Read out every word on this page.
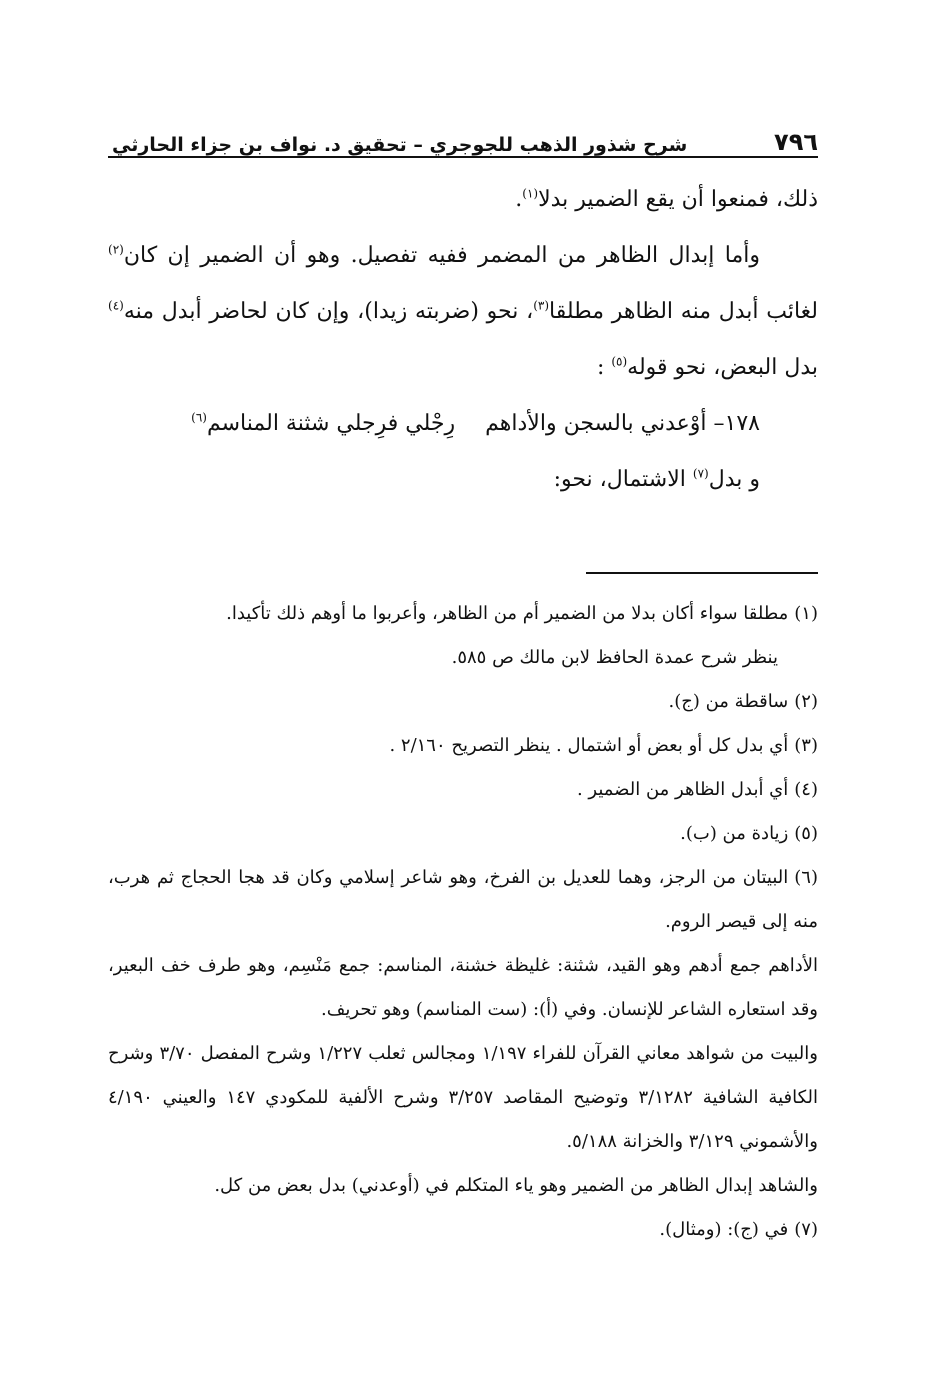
٧٩٦
شرح شذور الذهب للجوجري – تحقيق د. نواف بن جزاء الحارثي

ذلك، فمنعوا أن يقع الضمير بدلا$^{(١)}$.

وأما إبدال الظاهر من المضمر ففيه تفصيل. وهو أن الضمير إن كان$^{(٢)}$ لغائب أبدل منه الظاهر مطلقا$^{(٣)}$، نحو (ضربته زيدا)، وإن كان لحاضر أبدل منه$^{(٤)}$ بدل البعض، نحو قوله$^{(٥)}$ :

١٧٨– أوْعدني بالسجن والأداهمرِجْلي فرِجلي شثنة المناسم$^{(٦)}$

و بدل$^{(٧)}$ الاشتمال، نحو:

(١)مطلقا سواء أكان بدلا من الضمير أم من الظاهر، وأعربوا ما أوهم ذلك تأكيدا.

ينظر شرح عمدة الحافظ لابن مالك ص ٥٨٥.

(٢)ساقطة من (ج).

(٣)أي بدل كل أو بعض أو اشتمال . ينظر التصريح ٢/١٦٠ .

(٤)أي أبدل الظاهر من الضمير .

(٥)زيادة من (ب).

(٦)البيتان من الرجز، وهما للعديل بن الفرخ، وهو شاعر إسلامي وكان قد هجا الحجاج ثم هرب، منه إلى قيصر الروم.

الأداهم جمع أدهم وهو القيد، شثنة: غليظة خشنة، المناسم: جمع مَنْسِم، وهو طرف خف البعير، وقد استعاره الشاعر للإنسان. وفي (أ): (ست المناسم) وهو تحريف.

والبيت من شواهد معاني القرآن للفراء ١/١٩٧ ومجالس ثعلب ١/٢٢٧ وشرح المفصل ٣/٧٠ وشرح الكافية الشافية ٣/١٢٨٢ وتوضيح المقاصد ٣/٢٥٧ وشرح الألفية للمكودي ١٤٧ والعيني ٤/١٩٠ والأشموني ٣/١٢٩ والخزانة ٥/١٨٨.

والشاهد إبدال الظاهر من الضمير وهو ياء المتكلم في (أوعدني) بدل بعض من كل.

(٧)في (ج): (ومثال).
